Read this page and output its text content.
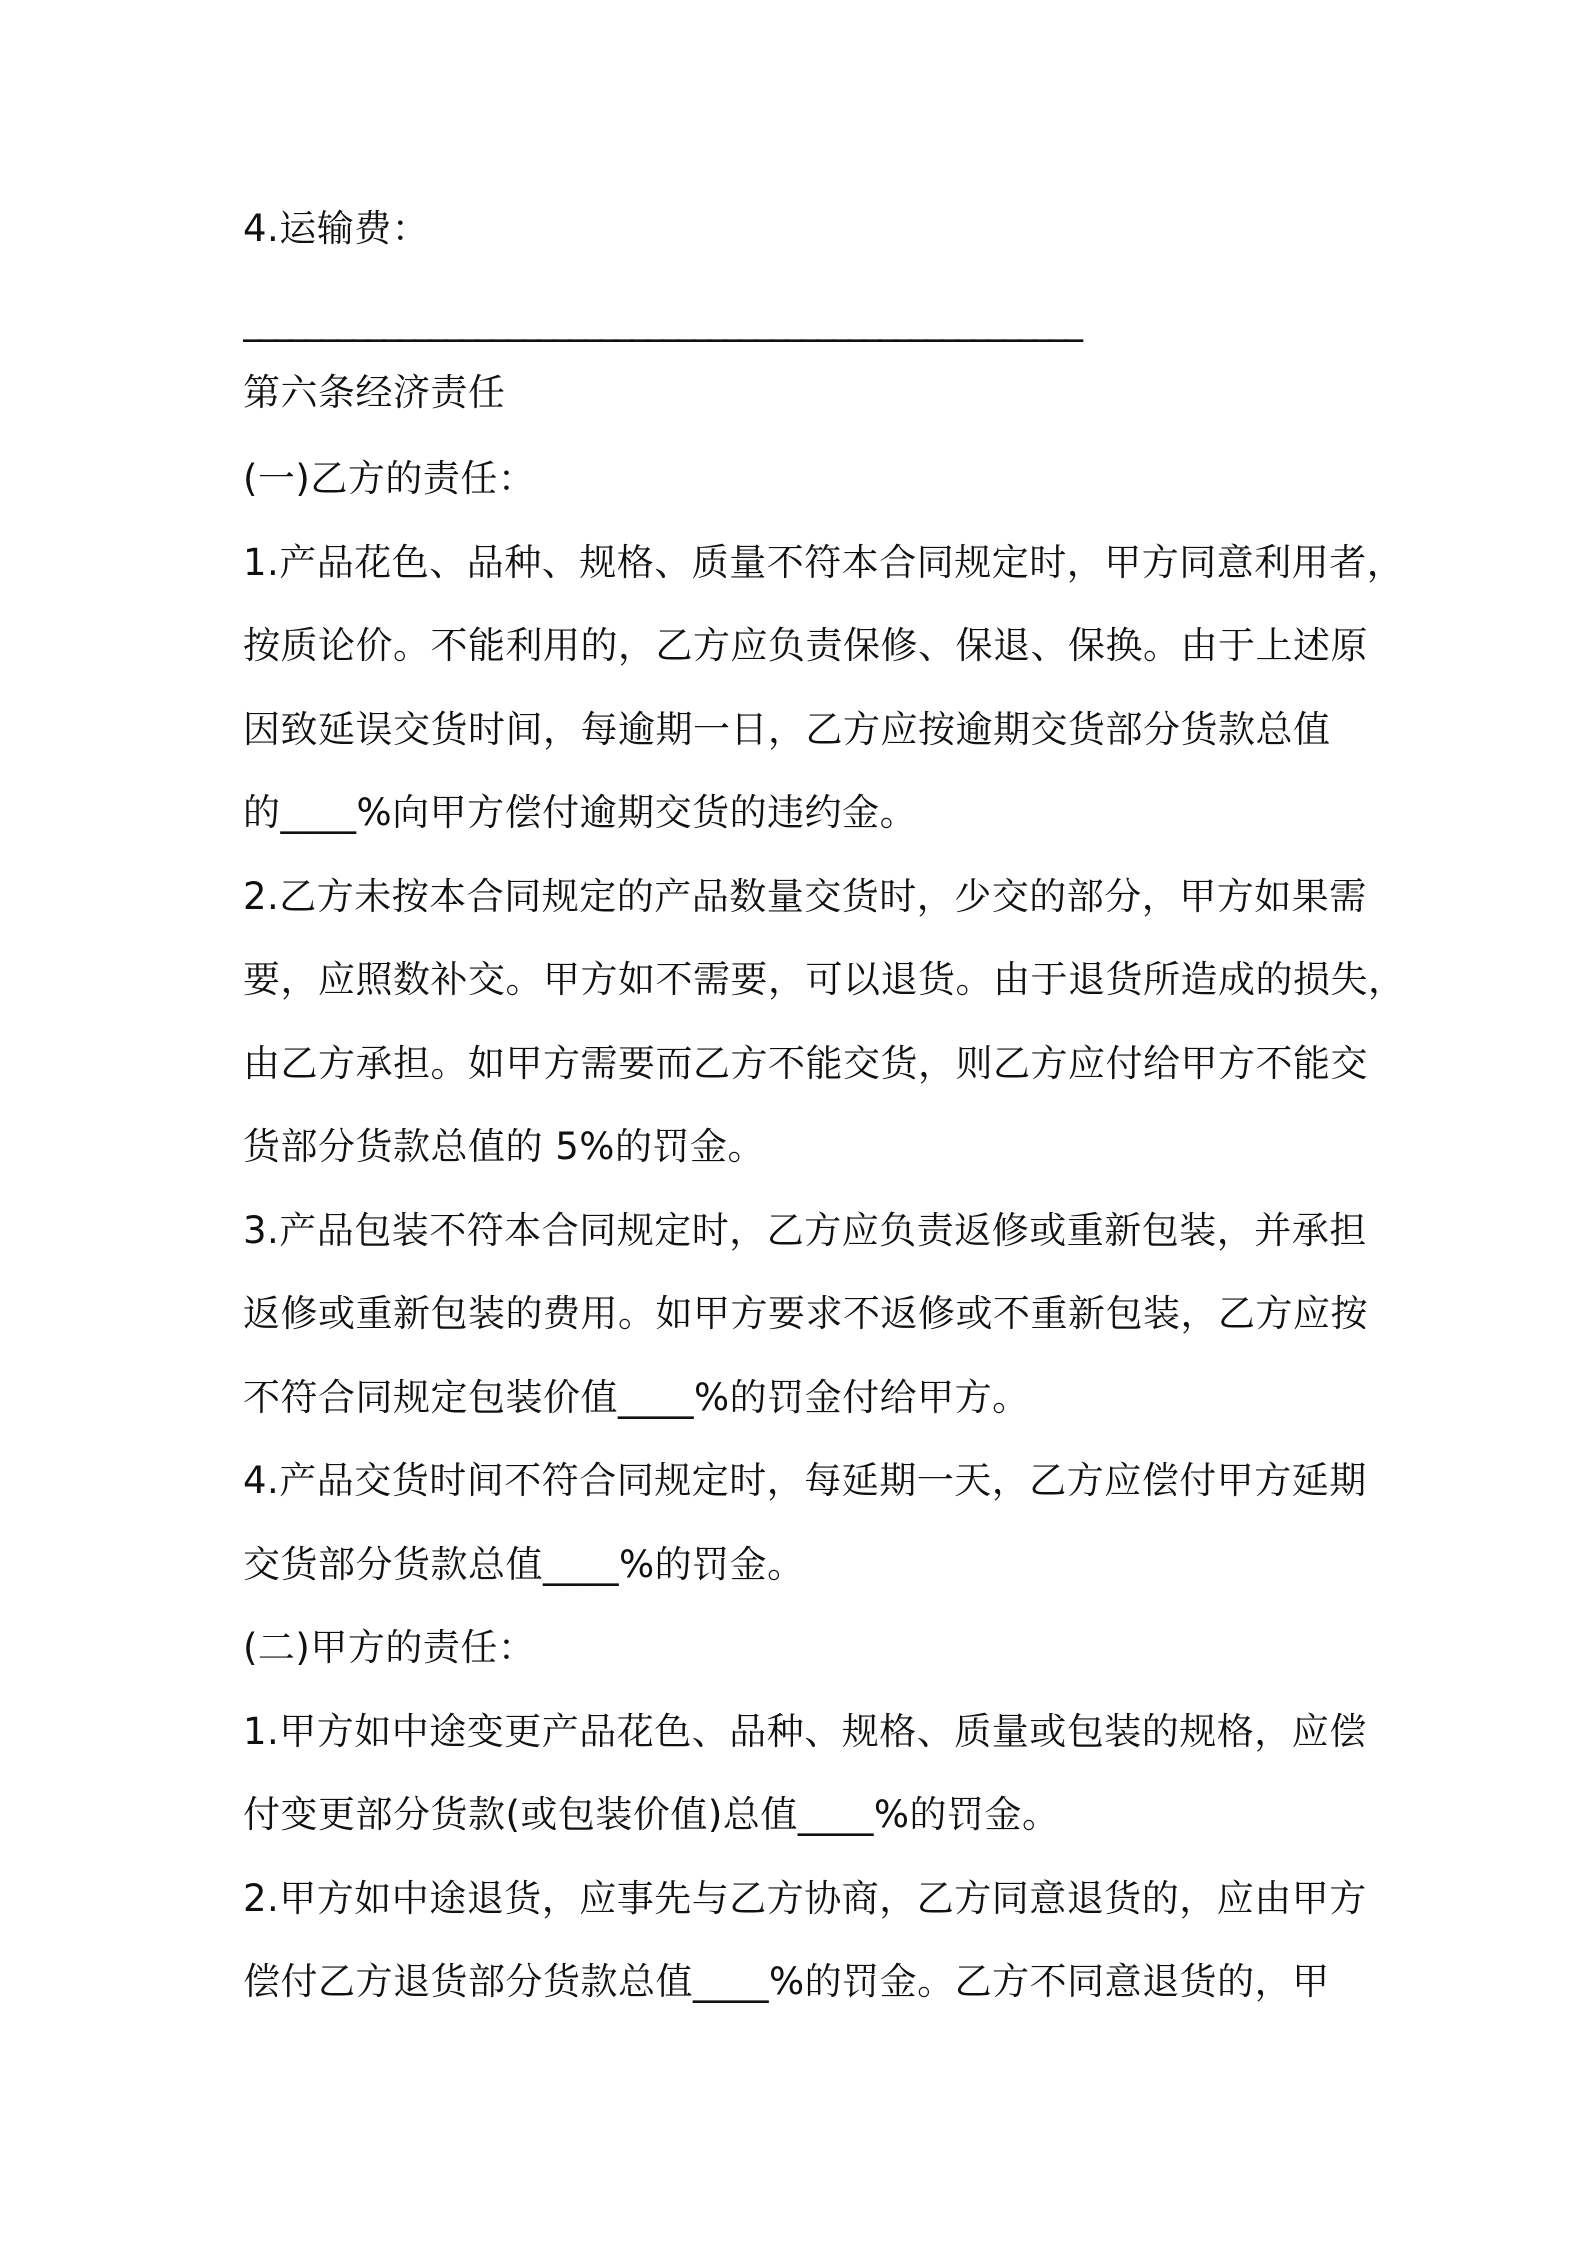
4.运输费：
______________________________________________________
第六条经济责任
(一)乙方的责任：
1.产品花色、品种、规格、质量不符本合同规定时，甲方同意利用者，
按质论价。不能利用的，乙方应负责保修、保退、保换。由于上述原
因致延误交货时间，每逾期一日，乙方应按逾期交货部分货款总值
的____%向甲方偿付逾期交货的违约金。
2.乙方未按本合同规定的产品数量交货时，少交的部分，甲方如果需
要，应照数补交。甲方如不需要，可以退货。由于退货所造成的损失，
由乙方承担。如甲方需要而乙方不能交货，则乙方应付给甲方不能交
货部分货款总值的 5%的罚金。
3.产品包装不符本合同规定时，乙方应负责返修或重新包装，并承担
返修或重新包装的费用。如甲方要求不返修或不重新包装，乙方应按
不符合同规定包装价值____%的罚金付给甲方。
4.产品交货时间不符合同规定时，每延期一天，乙方应偿付甲方延期
交货部分货款总值____%的罚金。
(二)甲方的责任：
1.甲方如中途变更产品花色、品种、规格、质量或包装的规格，应偿
付变更部分货款(或包装价值)总值____%的罚金。
2.甲方如中途退货，应事先与乙方协商，乙方同意退货的，应由甲方
偿付乙方退货部分货款总值____%的罚金。乙方不同意退货的，甲
